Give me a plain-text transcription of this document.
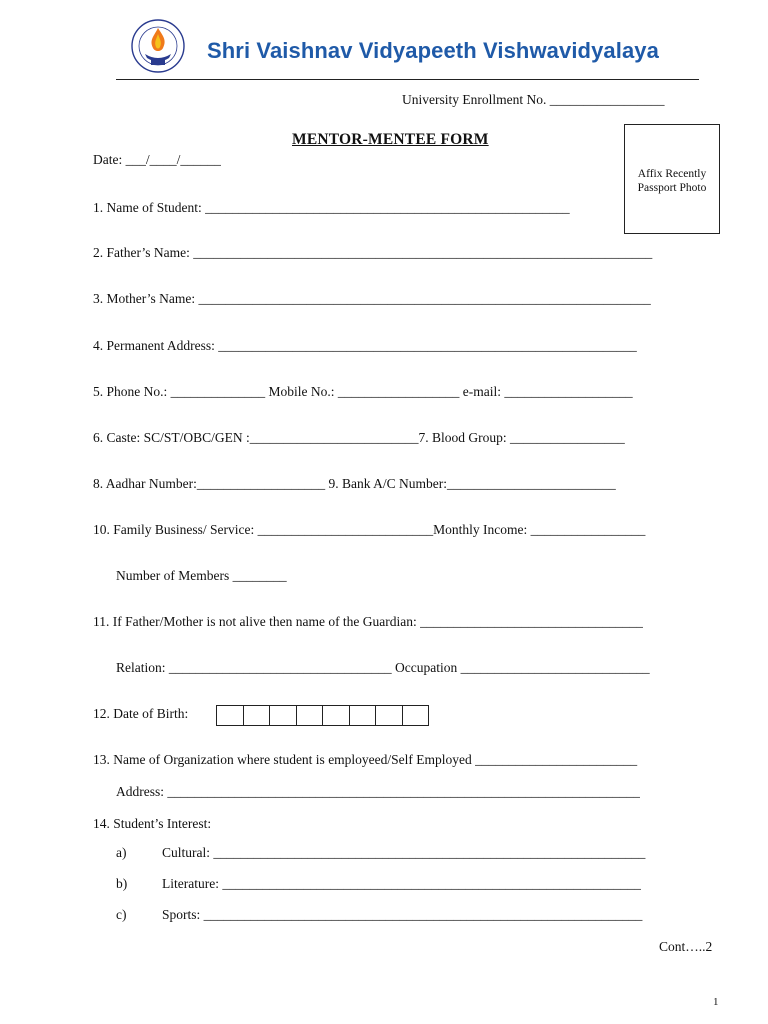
Shri Vaishnav Vidyapeeth Vishwavidyalaya
University Enrollment No. _________________
MENTOR-MENTEE FORM
Affix Recently
Passport Photo
Date: ___/____/______
1. Name of Student: ______________________________________________________
2. Father’s Name: ____________________________________________________________________
3. Mother’s Name: ___________________________________________________________________
4. Permanent Address: ______________________________________________________________
5. Phone No.: ______________ Mobile No.: __________________ e-mail: ___________________
6. Caste: SC/ST/OBC/GEN :_________________________7. Blood Group: _________________
8. Aadhar Number:___________________ 9. Bank A/C Number:_________________________
10. Family Business/ Service: __________________________Monthly Income: _________________
Number of Members ________
11. If Father/Mother is not alive then name of the Guardian: _________________________________
Relation: _________________________________ Occupation ____________________________
12. Date of Birth:
13. Name of Organization where student is employeed/Self Employed ________________________
Address: ______________________________________________________________________
14. Student’s Interest:
a)	Cultural: ________________________________________________________________
b)	Literature: ______________________________________________________________
c)	Sports: _________________________________________________________________
Cont…..2
1
